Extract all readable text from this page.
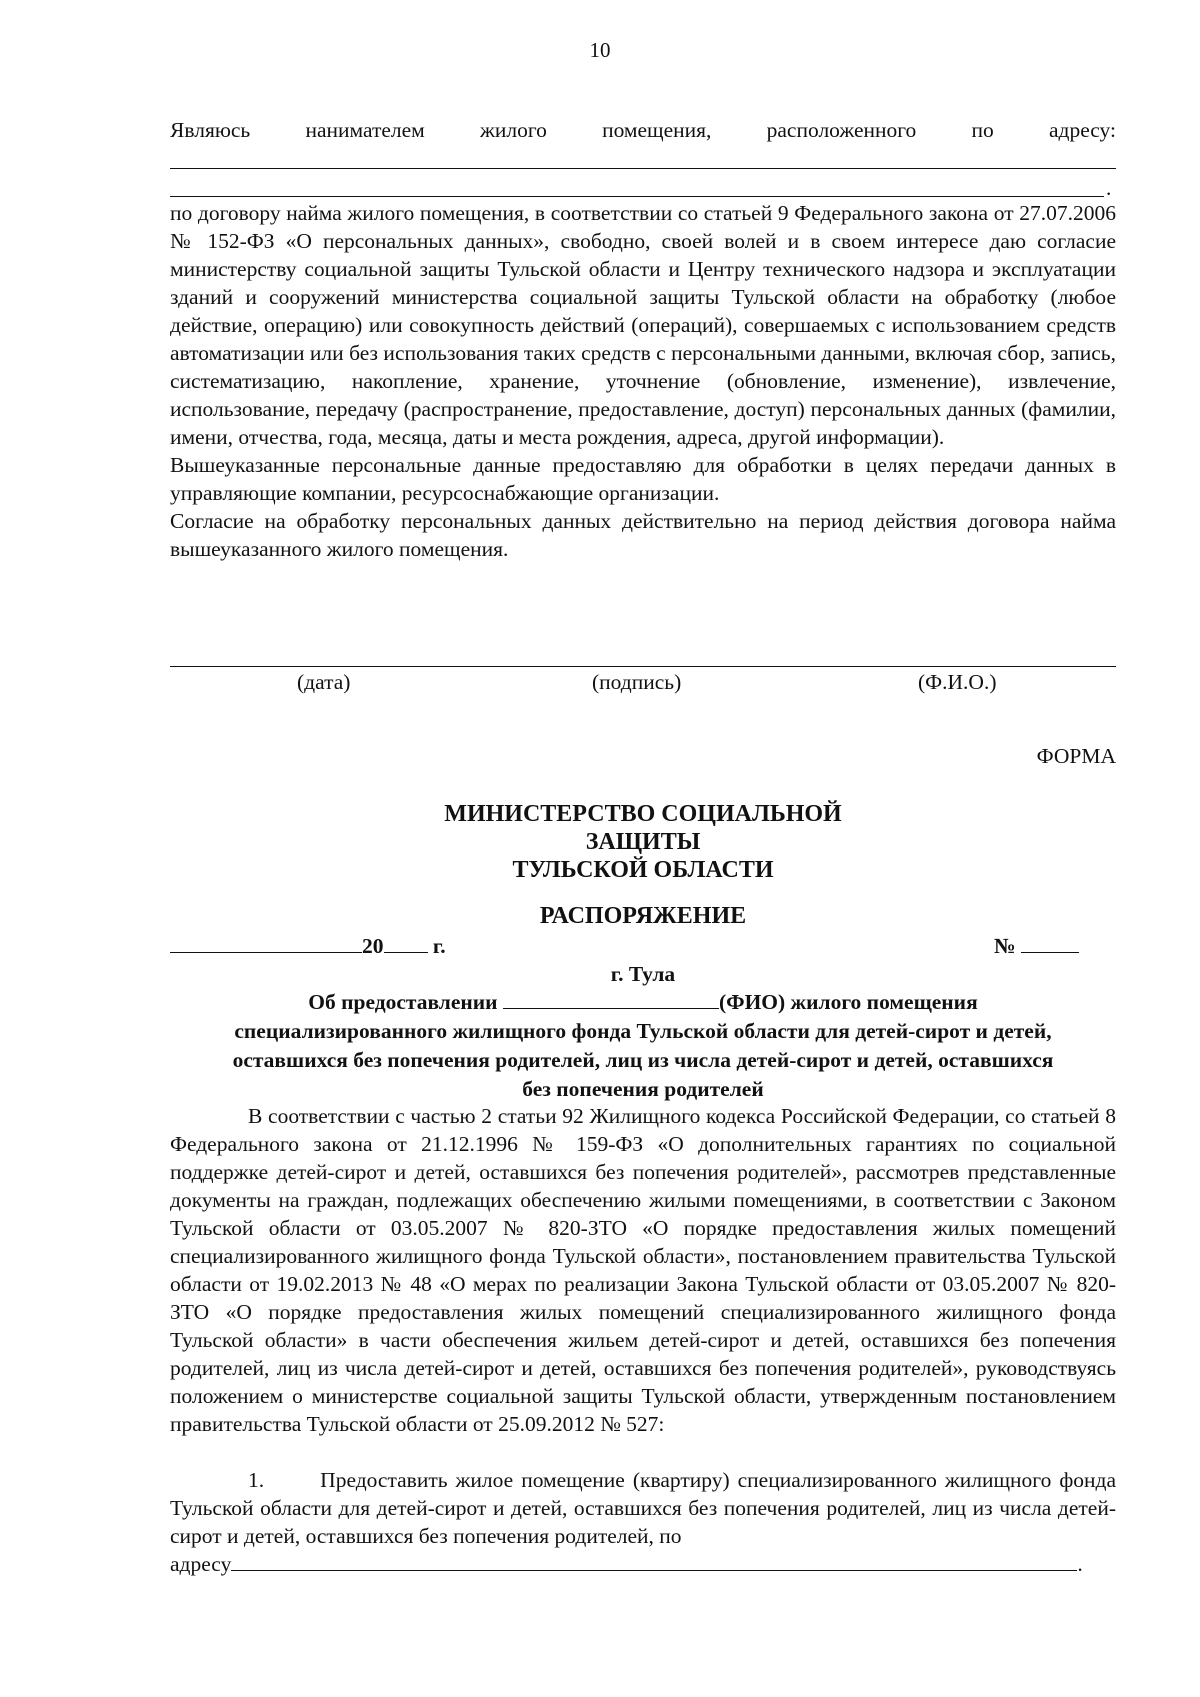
10
Являюсь	нанимателем	жилого	помещения,	расположенного	по	адресу:
.

по договору найма жилого помещения, в соответствии со статьей 9 Федерального закона от 27.07.2006 № 152-ФЗ «О персональных данных», свободно, своей волей и в своем интересе даю согласие министерству социальной защиты Тульской области и Центру технического надзора и эксплуатации зданий и сооружений министерства социальной защиты Тульской области на обработку (любое действие, операцию) или совокупность действий (операций), совершаемых с использованием средств автоматизации или без использования таких средств с персональными данными, включая сбор, запись, систематизацию, накопление, хранение, уточнение (обновление, изменение), извлечение, использование, передачу (распространение, предоставление, доступ) персональных данных (фамилии, имени, отчества, года, месяца, даты и места рождения, адреса, другой информации).

Вышеуказанные персональные данные предоставляю для обработки в целях передачи данных в управляющие компании, ресурсоснабжающие организации.

Согласие на обработку персональных данных действительно на период действия договора найма вышеуказанного жилого помещения.

(дата)	(подпись)	(Ф.И.О.)
ФОРМА
МИНИСТЕРСТВО СОЦИАЛЬНОЙ
ЗАЩИТЫ
ТУЛЬСКОЙ ОБЛАСТИ
РАСПОРЯЖЕНИЕ
20 г.	№
г. Тула
Об предоставлении	(ФИО) жилого помещения
специализированного жилищного фонда Тульской области для детей-сирот и детей,
оставшихся без попечения родителей, лиц из числа детей-сирот и детей, оставшихся
без попечения родителей

В соответствии с частью 2 статьи 92 Жилищного кодекса Российской Федерации, со статьей 8 Федерального закона от 21.12.1996 № 159-ФЗ «О дополнительных гарантиях по социальной поддержке детей-сирот и детей, оставшихся без попечения родителей», рассмотрев представленные документы на граждан, подлежащих обеспечению жилыми помещениями, в соответствии с Законом Тульской области от 03.05.2007 № 820-ЗТО «О порядке предоставления жилых помещений специализированного жилищного фонда Тульской области», постановлением правительства Тульской области от 19.02.2013 № 48 «О мерах по реализации Закона Тульской области от 03.05.2007 № 820-ЗТО «О порядке предоставления жилых помещений специализированного жилищного фонда Тульской области» в части обеспечения жильем детей-сирот и детей, оставшихся без попечения родителей, лиц из числа детей-сирот и детей, оставшихся без попечения родителей», руководствуясь положением о министерстве социальной защиты Тульской области, утвержденным постановлением правительства Тульской области от 25.09.2012 № 527:

1.	Предоставить жилое помещение (квартиру) специализированного жилищного фонда Тульской области для детей-сирот и детей, оставшихся без попечения родителей, лиц из числа детей-сирот и детей, оставшихся без попечения родителей, по

адресу	.
